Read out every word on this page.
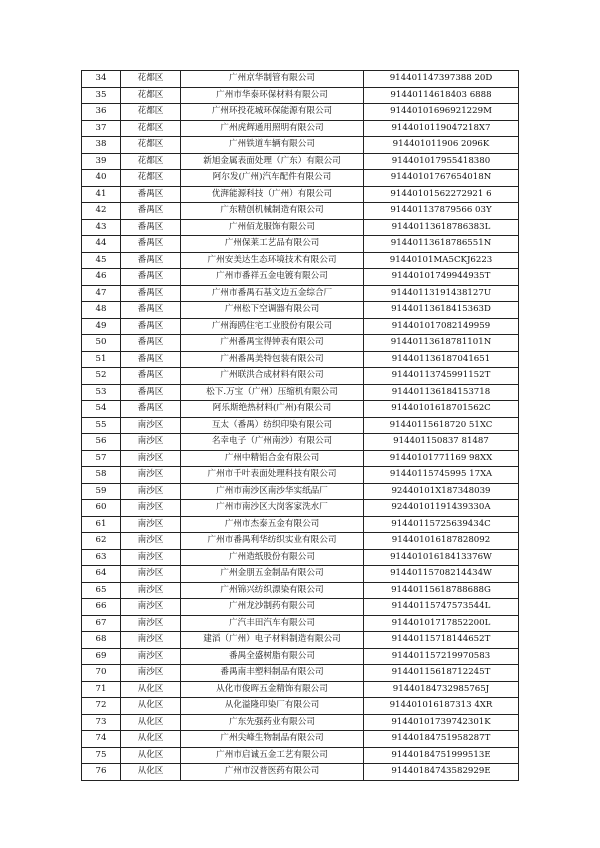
34	花都区	广州京华制管有限公司	914401147397388 20D
35	花都区	广州市华泰环保材料有限公司	91440114618403 6888
36	花都区	广州环投花城环保能源有限公司	91440101696921229M
37	花都区	广州虎辉通用照明有限公司	9144010119047218X7
38	花都区	广州铁道车辆有限公司	914401011906 2096K
39	花都区	新旭金属表面处理（广东）有限公司	914401017955418380
40	花都区	阿尔发(广州)汽车配件有限公司	91440101767654018N
41	番禺区	优湃能源科技（广州）有限公司	91440101562272921 6
42	番禺区	广东精创机械制造有限公司	914401137879566 03Y
43	番禺区	广州佰龙服饰有限公司	91440113618786383L
44	番禺区	广州保莱工艺品有限公司	91440113618786551N
45	番禺区	广州安美达生态环境技术有限公司	91440101MA5CKJ6223
46	番禺区	广州市番祥五金电镀有限公司	91440101749944935T
47	番禺区	广州市番禺石基文边五金综合厂	91440113191438127U
48	番禺区	广州松下空调器有限公司	91440113618415363D
49	番禺区	广州海鸥住宅工业股份有限公司	914401017082149959
50	番禺区	广州番禺宝得钟表有限公司	91440113618781101N
51	番禺区	广州番禺美特包装有限公司	914401136187041651
52	番禺区	广州联洪合成材料有限公司	91440113745991152T
53	番禺区	松下.万宝（广州）压缩机有限公司	914401136184153718
54	番禺区	阿乐斯绝热材料(广州)有限公司	91440101618701562C
55	南沙区	互太（番禺）纺织印染有限公司	91440115618720 51XC
56	南沙区	名幸电子（广州南沙）有限公司	914401150837 81487
57	南沙区	广州中精铝合金有限公司	91440101771169 98XX
58	南沙区	广州市千叶表面处理科技有限公司	91440115745995 17XA
59	南沙区	广州市南沙区南沙华实纸品厂	92440101X187348039
60	南沙区	广州市南沙区大岗客家洗水厂	92440101191439330A
61	南沙区	广州市杰泰五金有限公司	91440115725639434C
62	南沙区	广州市番禺利华纺织实业有限公司	914401016187828092
63	南沙区	广州造纸股份有限公司	91440101618413376W
64	南沙区	广州金朋五金制品有限公司	91440115708214434W
65	南沙区	广州锦兴纺织漂染有限公司	91440115618788688G
66	南沙区	广州龙沙制药有限公司	91440115747573544L
67	南沙区	广汽丰田汽车有限公司	91440101717852200L
68	南沙区	建滔（广州）电子材料制造有限公司	91440115718144652T
69	南沙区	番禺全盛树脂有限公司	914401157219970583
70	南沙区	番禺南丰塑料制品有限公司	91440115618712245T
71	从化区	从化市俊晖五金精饰有限公司	91440184732985765J
72	从化区	从化溢隆印染厂有限公司	914401016187313 4XR
73	从化区	广东先强药业有限公司	91440101739742301K
74	从化区	广州尖峰生物制品有限公司	91440184751958287T
75	从化区	广州市启诚五金工艺有限公司	91440184751999513E
76	从化区	广州市汉普医药有限公司	91440184743582929E
